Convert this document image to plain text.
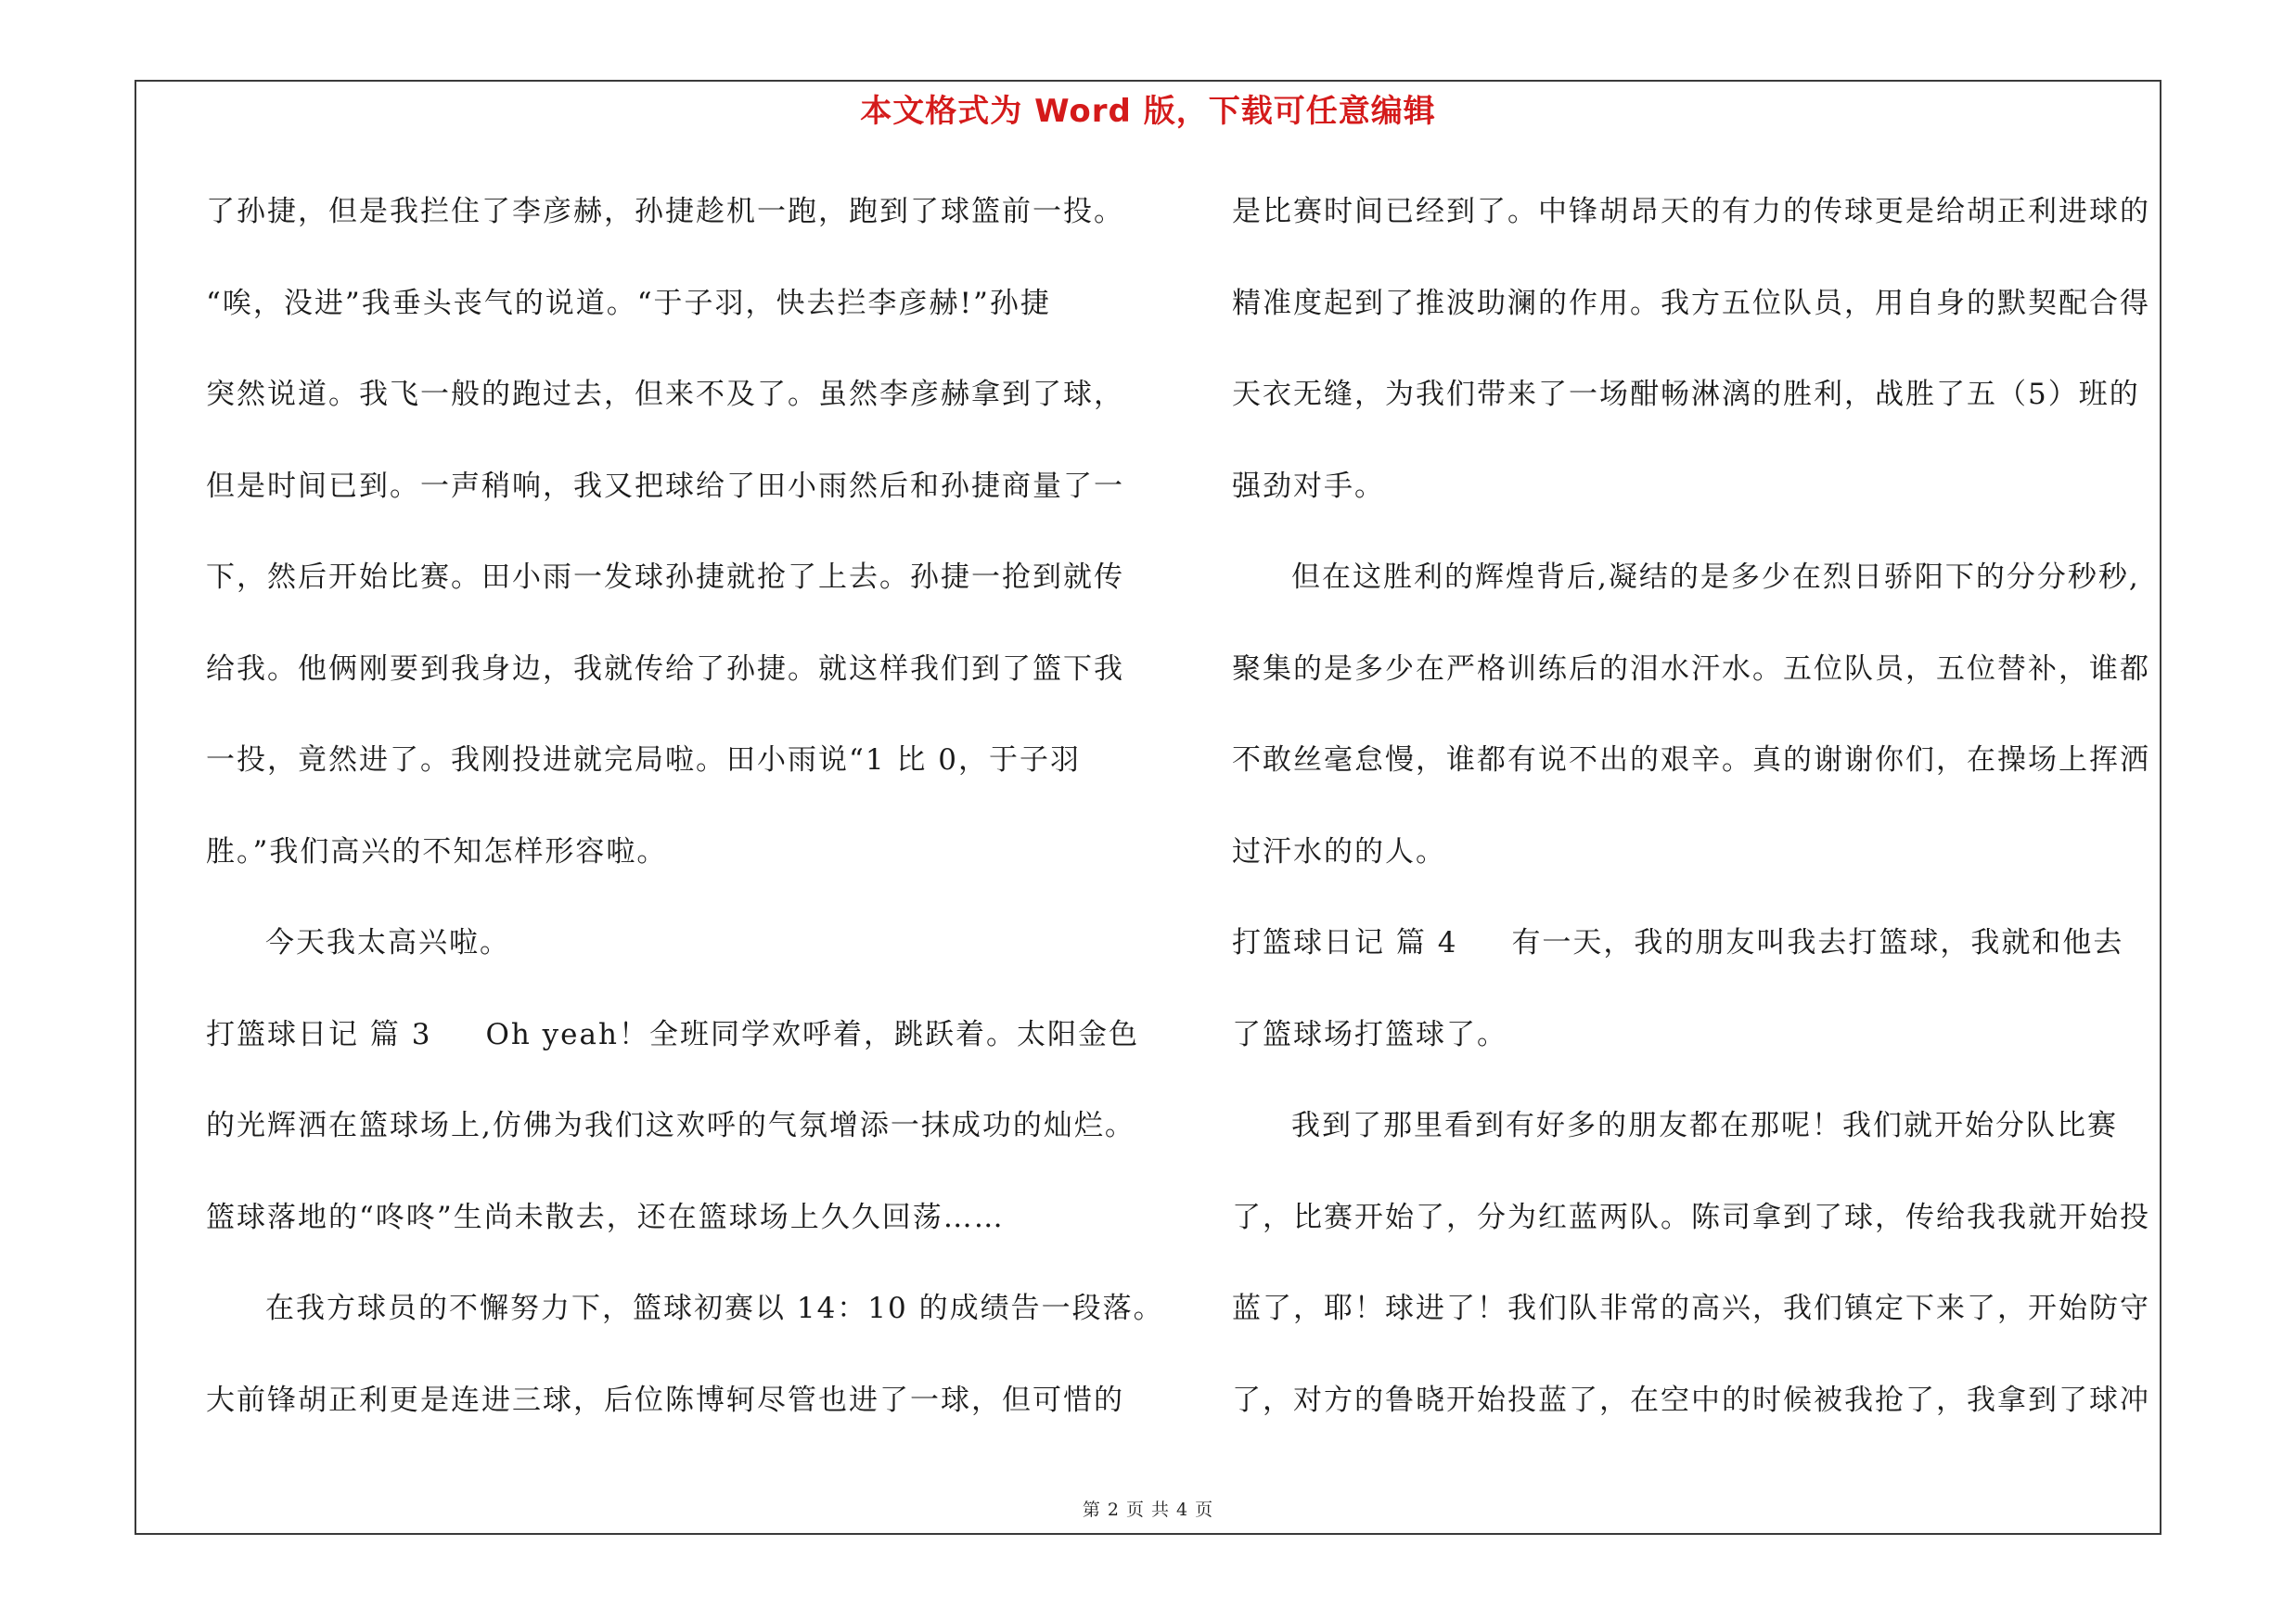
本文格式为 Word 版，下载可任意编辑
了孙捷，但是我拦住了李彦赫，孙捷趁机一跑，跑到了球篮前一投。
“唉，没进”我垂头丧气的说道。“于子羽，快去拦李彦赫!”孙捷
突然说道。我飞一般的跑过去，但来不及了。虽然李彦赫拿到了球，
但是时间已到。一声稍响，我又把球给了田小雨然后和孙捷商量了一
下，然后开始比赛。田小雨一发球孙捷就抢了上去。孙捷一抢到就传
给我。他俩刚要到我身边，我就传给了孙捷。就这样我们到了篮下我
一投，竟然进了。我刚投进就完局啦。田小雨说“1 比 0，于子羽
胜。”我们高兴的不知怎样形容啦。
今天我太高兴啦。
打篮球日记 篇 3 Oh yeah！全班同学欢呼着，跳跃着。太阳金色
的光辉洒在篮球场上,仿佛为我们这欢呼的气氛增添一抹成功的灿烂。
篮球落地的“咚咚”生尚未散去，还在篮球场上久久回荡……
在我方球员的不懈努力下，篮球初赛以 14：10 的成绩告一段落。
大前锋胡正利更是连进三球，后位陈博轲尽管也进了一球，但可惜的
是比赛时间已经到了。中锋胡昂天的有力的传球更是给胡正利进球的
精准度起到了推波助澜的作用。我方五位队员，用自身的默契配合得
天衣无缝，为我们带来了一场酣畅淋漓的胜利，战胜了五（5）班的
强劲对手。
但在这胜利的辉煌背后,凝结的是多少在烈日骄阳下的分分秒秒,
聚集的是多少在严格训练后的泪水汗水。五位队员，五位替补，谁都
不敢丝毫怠慢，谁都有说不出的艰辛。真的谢谢你们，在操场上挥洒
过汗水的的人。
打篮球日记 篇 4 有一天，我的朋友叫我去打篮球，我就和他去
了篮球场打篮球了。
我到了那里看到有好多的朋友都在那呢！我们就开始分队比赛
了，比赛开始了，分为红蓝两队。陈司拿到了球，传给我我就开始投
蓝了，耶！球进了！我们队非常的高兴，我们镇定下来了，开始防守
了，对方的鲁晓开始投蓝了，在空中的时候被我抢了，我拿到了球冲
第 2 页 共 4 页
